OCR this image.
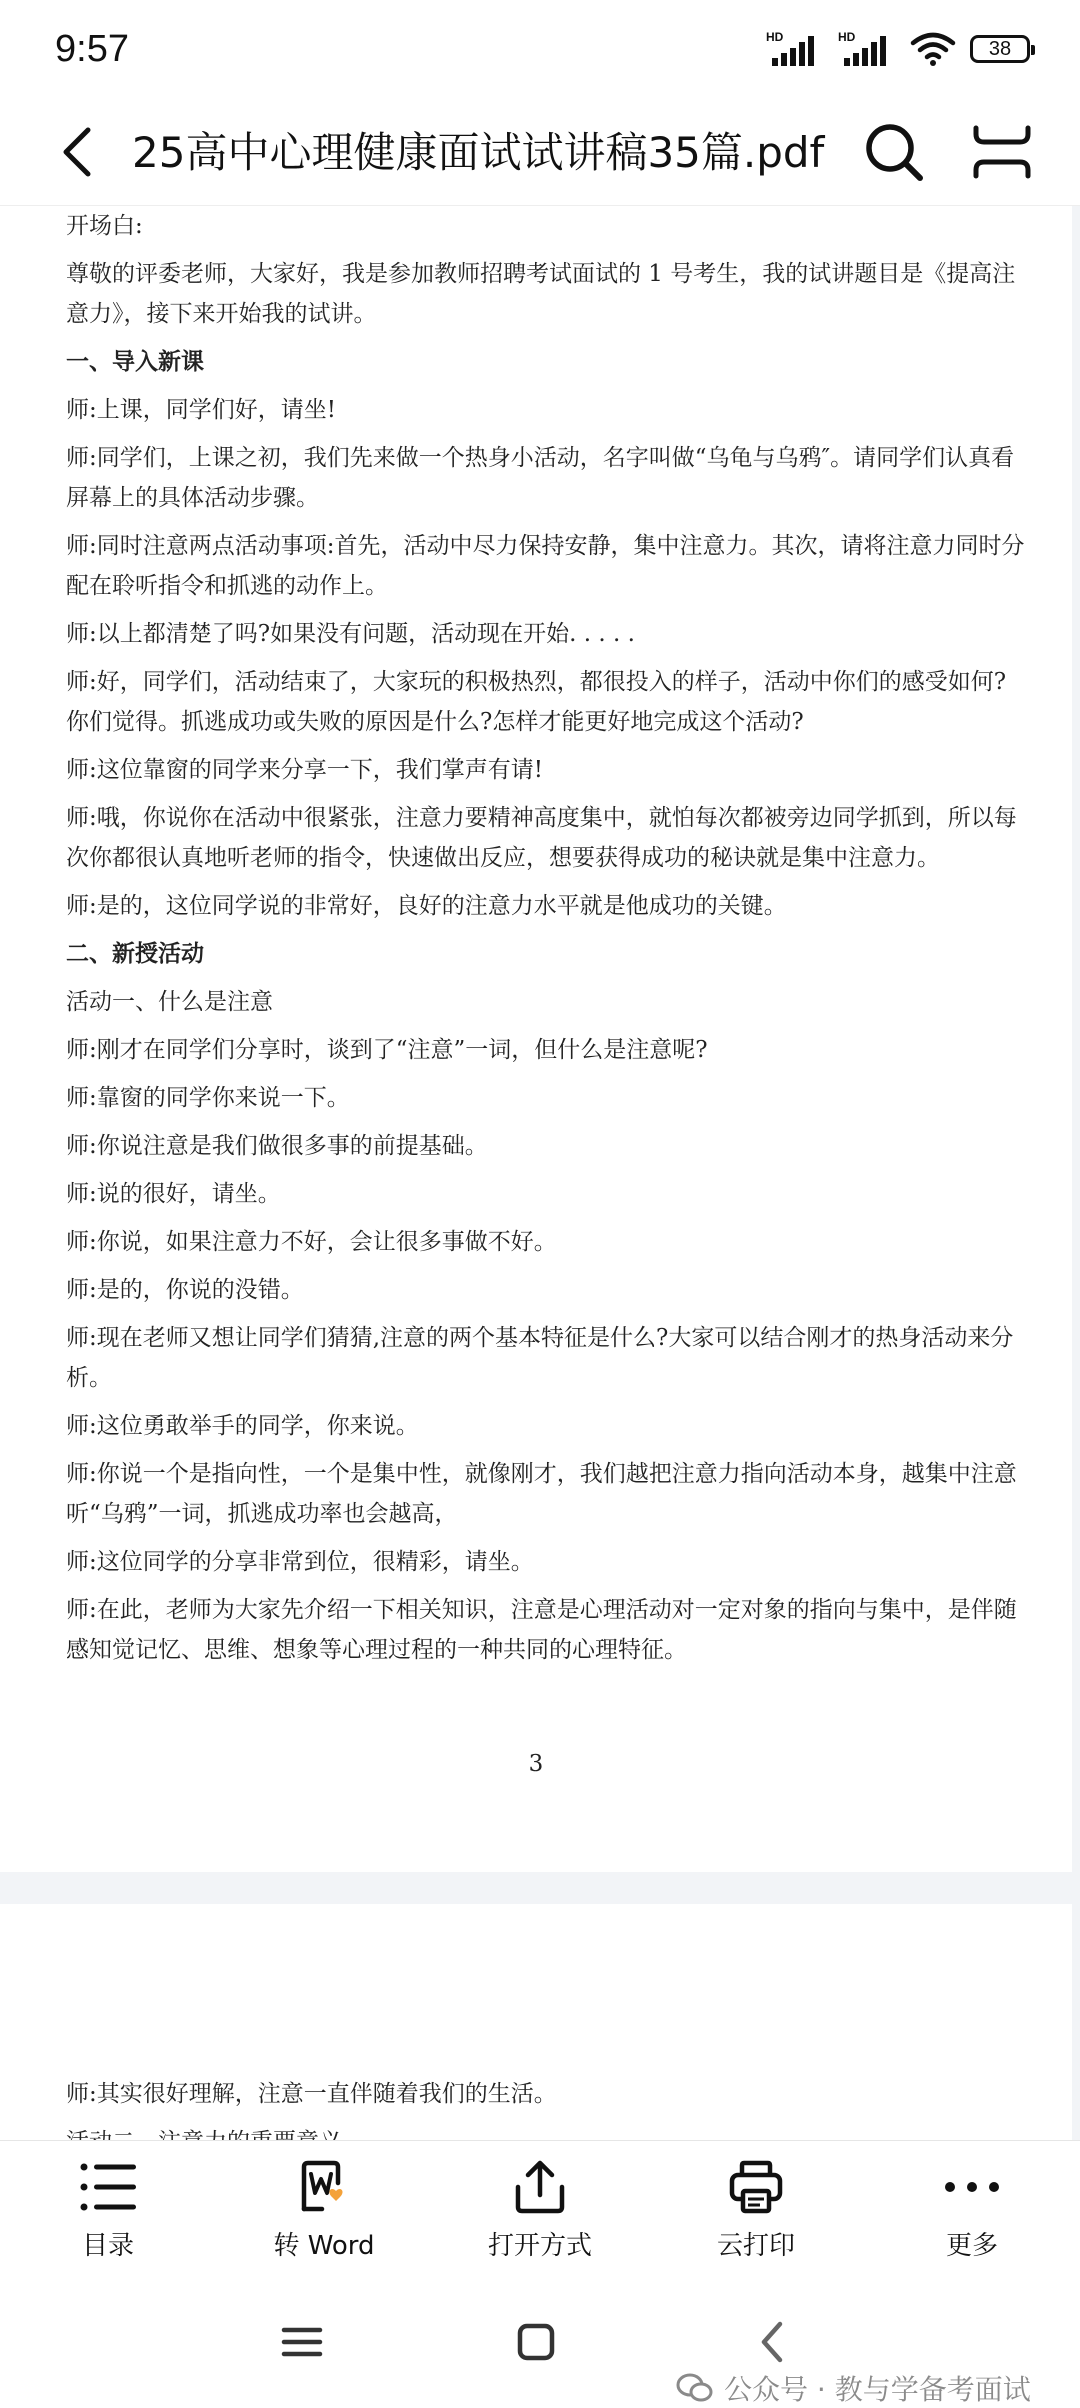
9:57	HD	HD
38
25高中心理健康面试试讲稿35篇.pdf

开场白:

尊敬的评委老师，大家好，我是参加教师招聘考试面试的 1 号考生，我的试讲题目是《提高注意力》，接下来开始我的试讲。

一、导入新课

师:上课，同学们好，请坐!

师:同学们，上课之初，我们先来做一个热身小活动，名字叫做“乌龟与乌鸦″。请同学们认真看屏幕上的具体活动步骤。

师:同时注意两点活动事项:首先，活动中尽力保持安静，集中注意力。其次，请将注意力同时分配在聆听指令和抓逃的动作上。

师:以上都清楚了吗?如果没有问题，活动现在开始. . . . .

师:好，同学们，活动结束了，大家玩的积极热烈，都很投入的样子，活动中你们的感受如何?你们觉得。抓逃成功或失败的原因是什么?怎样才能更好地完成这个活动?

师:这位靠窗的同学来分享一下，我们掌声有请!

师:哦，你说你在活动中很紧张，注意力要精神高度集中，就怕每次都被旁边同学抓到，所以每次你都很认真地听老师的指令，快速做出反应，想要获得成功的秘诀就是集中注意力。

师:是的，这位同学说的非常好，良好的注意力水平就是他成功的关键。

二、新授活动

活动一、什么是注意

师:刚才在同学们分享时，谈到了“注意”一词，但什么是注意呢?

师:靠窗的同学你来说一下。

师:你说注意是我们做很多事的前提基础。

师:说的很好，请坐。

师:你说，如果注意力不好，会让很多事做不好。

师:是的，你说的没错。

师:现在老师又想让同学们猜猜,注意的两个基本特征是什么?大家可以结合刚才的热身活动来分析。

师:这位勇敢举手的同学，你来说。

师:你说一个是指向性，一个是集中性，就像刚才，我们越把注意力指向活动本身，越集中注意听“乌鸦”一词，抓逃成功率也会越高，

师:这位同学的分享非常到位，很精彩，请坐。

师:在此，老师为大家先介绍一下相关知识，注意是心理活动对一定对象的指向与集中，是伴随感知觉记忆、思维、想象等心理过程的一种共同的心理特征。

3

师:其实很好理解，注意一直伴随着我们的生活。

目录	转 Word	打开方式	云打印	更多
公众号 · 教与学备考面试
